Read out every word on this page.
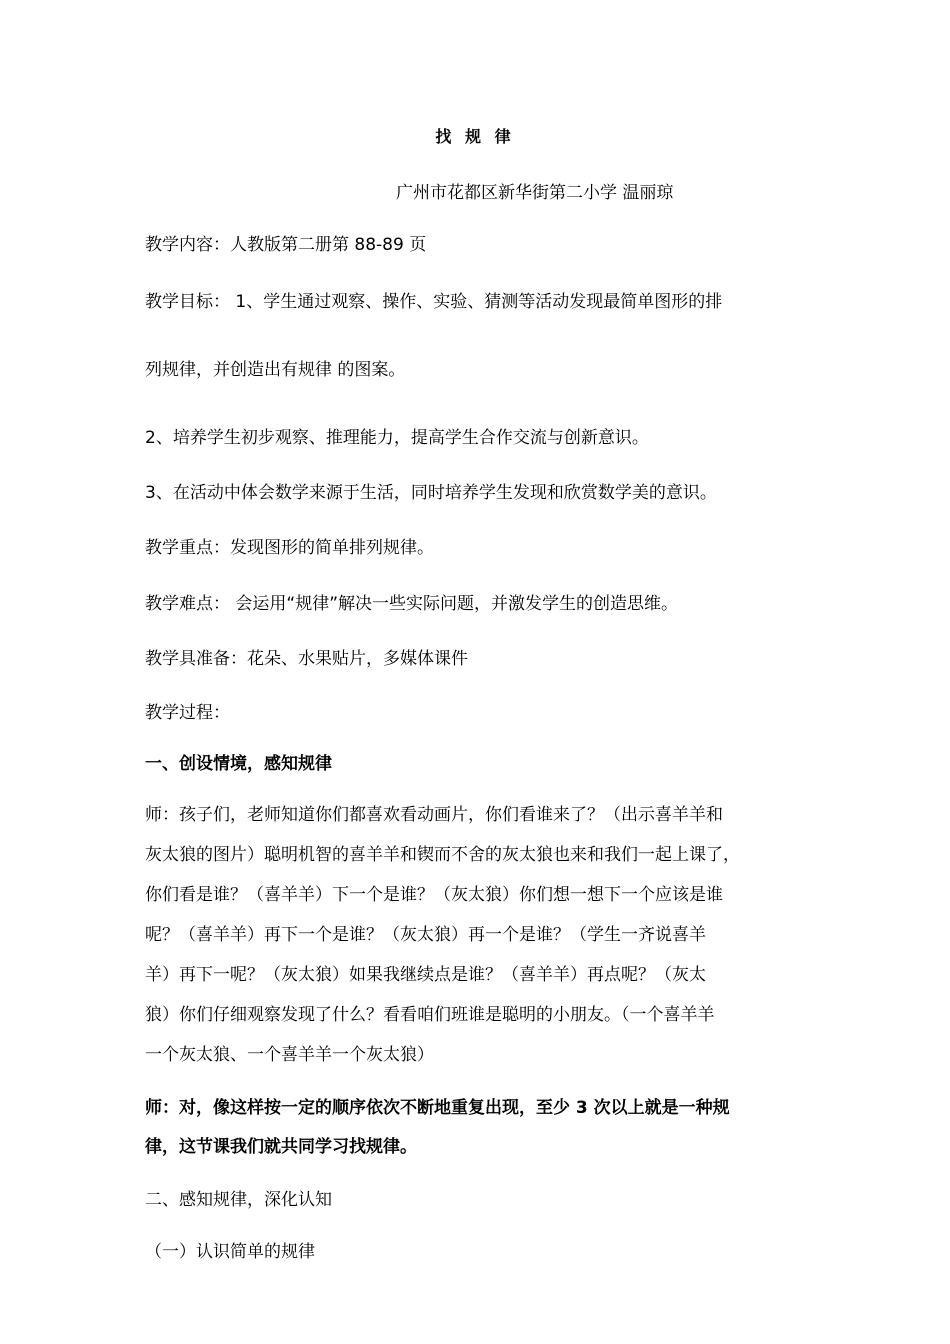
找 规 律
广州市花都区新华街第二小学 温丽琼
教学内容：人教版第二册第 88-89 页
教学目标： 1、学生通过观察、操作、实验、猜测等活动发现最简单图形的排
列规律，并创造出有规律 的图案。
2、培养学生初步观察、推理能力，提高学生合作交流与创新意识。
3、在活动中体会数学来源于生活，同时培养学生发现和欣赏数学美的意识。
教学重点：发现图形的简单排列规律。
教学难点： 会运用“规律”解决一些实际问题，并激发学生的创造思维。
教学具准备：花朵、水果贴片，多媒体课件
教学过程：
一、创设情境，感知规律
师：孩子们，老师知道你们都喜欢看动画片，你们看谁来了？（出示喜羊羊和
灰太狼的图片）聪明机智的喜羊羊和锲而不舍的灰太狼也来和我们一起上课了，
你们看是谁？（喜羊羊）下一个是谁？（灰太狼）你们想一想下一个应该是谁
呢？（喜羊羊）再下一个是谁？（灰太狼）再一个是谁？（学生一齐说喜羊
羊）再下一呢？（灰太狼）如果我继续点是谁？（喜羊羊）再点呢？（灰太
狼）你们仔细观察发现了什么？看看咱们班谁是聪明的小朋友。（一个喜羊羊
一个灰太狼、一个喜羊羊一个灰太狼）
师：对，像这样按一定的顺序依次不断地重复出现，至少 3 次以上就是一种规
律，这节课我们就共同学习找规律。
二、感知规律，深化认知
（一）认识简单的规律
